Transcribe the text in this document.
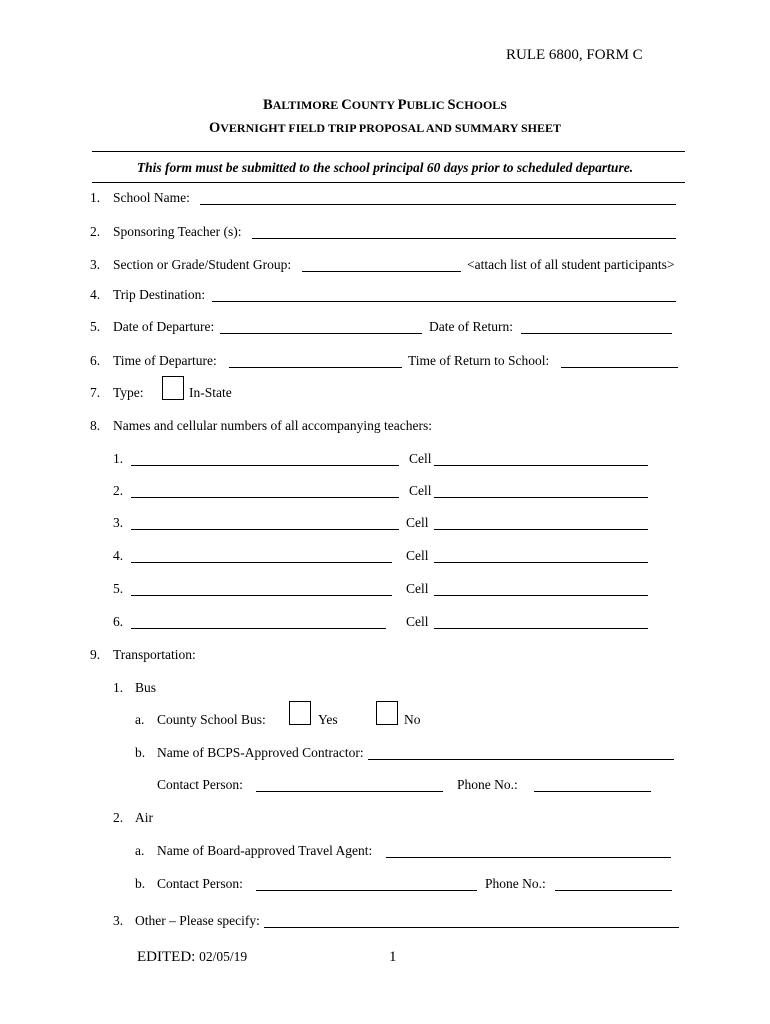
RULE 6800, FORM C
BALTIMORE COUNTY PUBLIC SCHOOLS
OVERNIGHT FIELD TRIP PROPOSAL AND SUMMARY SHEET
This form must be submitted to the school principal 60 days prior to scheduled departure.
1. School Name:
2. Sponsoring Teacher (s):
3. Section or Grade/Student Group:	<attach list of all student participants>
4. Trip Destination:
5. Date of Departure:	Date of Return:
6. Time of Departure:	Time of Return to School:
7. Type:	In-State
8. Names and cellular numbers of all accompanying teachers:
1.	Cell
2.	Cell
3.	Cell
4.	Cell
5.	Cell
6.	Cell
9. Transportation:
1. Bus
a. County School Bus:	Yes	No
b. Name of BCPS-Approved Contractor:
Contact Person:	Phone No.:
2. Air
a. Name of Board-approved Travel Agent:
b. Contact Person:	Phone No.:
3. Other – Please specify:
EDITED: 02/05/19	1
